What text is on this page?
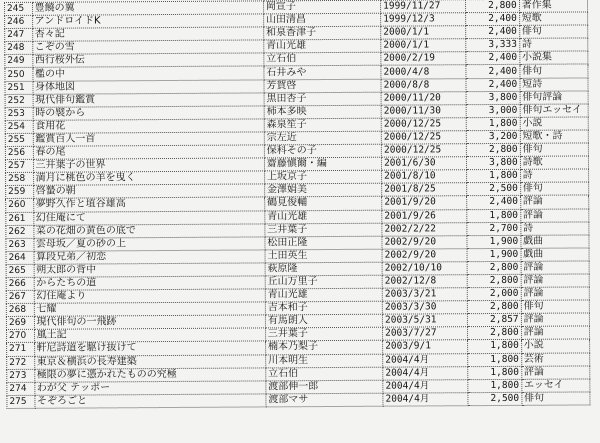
245	豊饒の翼	岡宣子	1999/11/27	2,800	著作集
246	アンドロイドK	山田清昌	1999/12/3	2,400	短歌
247	杏々記	和泉香津子	2000/1/1	2,400	俳句
248	こぞの雪	青山光雄	2000/1/1	3,333	詩
249	西行桜外伝	立石伯	2000/2/19	2,400	小説集
250	檻の中	石井みや	2000/4/8	2,400	俳句
251	身体地図	芳賀啓	2000/8/8	2,400	短詩
252	現代俳句鑑賞	黒田杏子	2000/11/20	3,800	俳句評論
253	時の襞から	柿本多映	2000/11/30	3,000	俳句エッセイ
254	食用花	森泉笙子	2000/12/25	1,800	小説
255	鑑賞百人一首	宗左近	2000/12/25	3,200	短歌・詩
256	春の尾	保科その子	2000/12/25	2,800	俳句
257	三井葉子の世界	齋藤愼爾・編	2001/6/30	3,800	詩歌
258	満月に桃色の羊を曳く	上坂京子	2001/8/10	1,800	詩
259	啓蟄の朝	金澤娟美	2001/8/25	2,500	俳句
260	夢野久作と埴谷雄高	鶴見俊輔	2001/9/20	2,400	評論
261	幻住庵にて	青山光雄	2001/9/26	1,800	評論
262	菜の花畑の黄色の底で	三井葉子	2002/2/22	2,700	詩
263	雲母坂／夏の砂の上	松田正隆	2002/9/20	1,900	戯曲
264	算段兄弟／初恋	土田英生	2002/9/20	1,900	戯曲
265	朔太郎の背中	萩原隆	2002/10/10	2,800	評論
266	からたちの道	丘山万里子	2002/12/8	2,800	評論
267	幻住庵より	青山光雄	2003/3/21	2,000	評論
268	七耀	吉本和子	2003/3/30	2,800	俳句
269	現代俳句の一飛跡	有馬朗人	2003/5/31	2,857	評論
270	風土記	三井葉子	2003/7/27	2,800	評論
271	軒尼詩道を駆け抜けて	楠本乃梨子	2003/9/1	1,800	小説
272	東京＆横浜の長寿建築	川本明生	2004/4月	1,800	芸術
273	極限の夢に憑かれたものの究極	立石伯	2004/4月	1,800	評論
274	わが父 テッポー	渡部伸一郎	2004/4月	1,800	エッセイ
275	そぞろごと	渡部マサ	2004/4月	2,500	俳句
